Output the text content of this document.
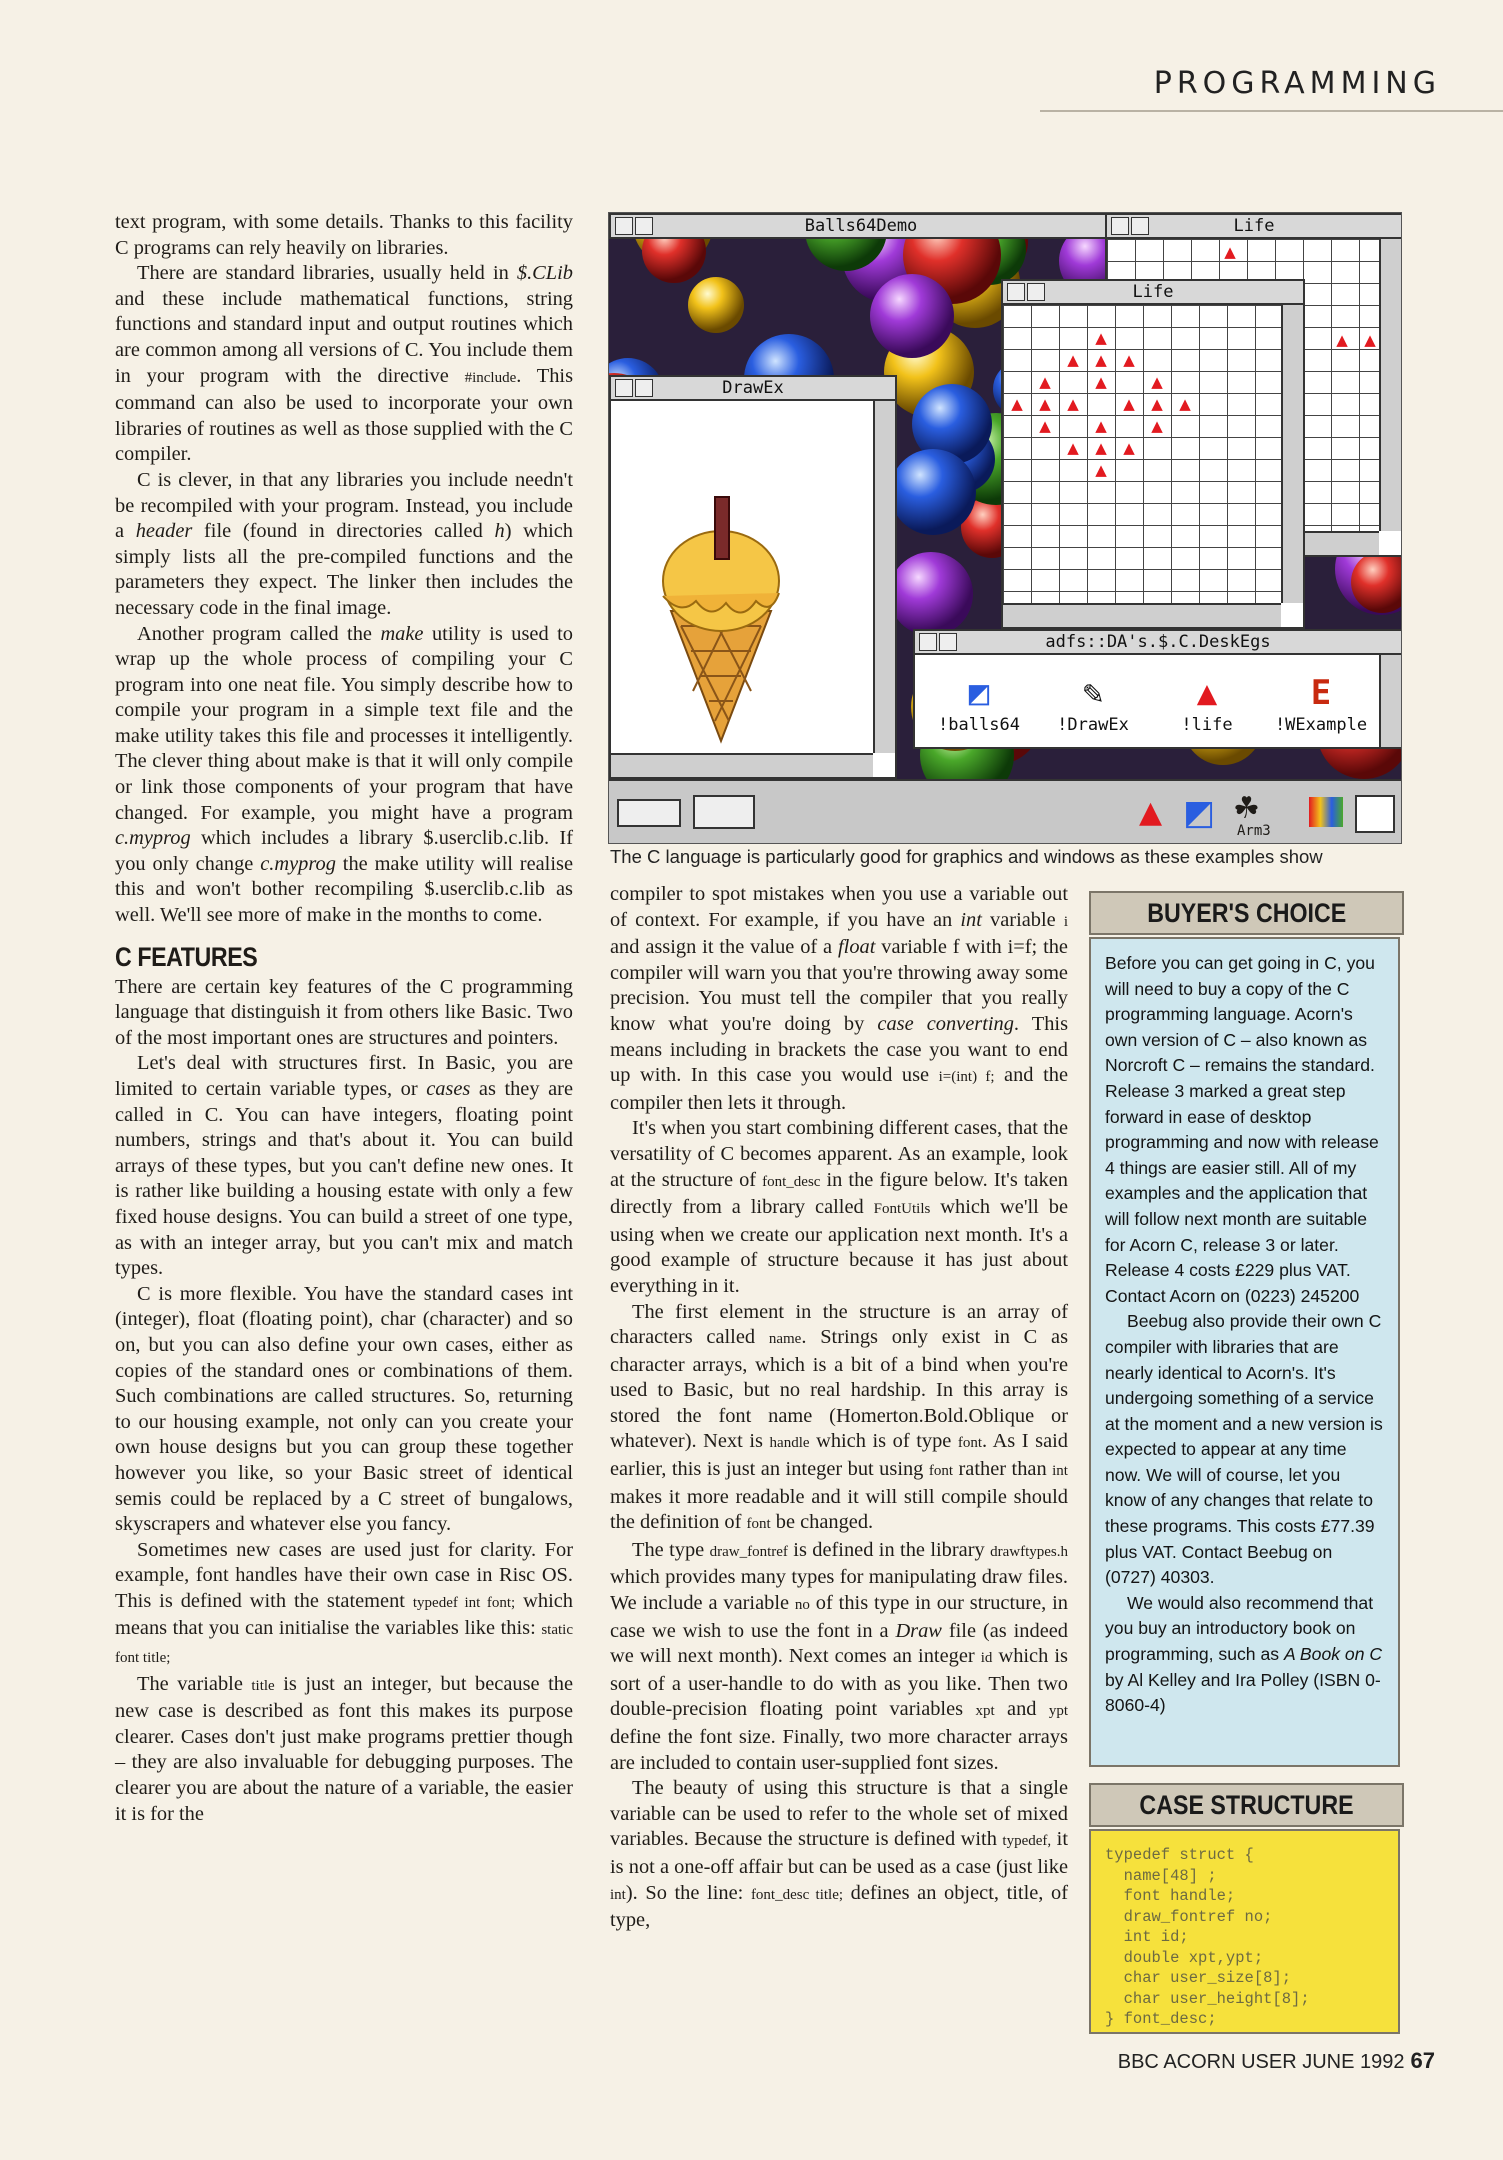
PROGRAMMING

text program, with some details. Thanks to this facility C programs can rely heavily on libraries.

There are standard libraries, usually held in $.CLib and these include mathematical functions, string functions and standard input and output routines which are common among all versions of C. You include them in your program with the directive #include. This command can also be used to incorporate your own libraries of routines as well as those supplied with the C compiler.

C is clever, in that any libraries you include needn't be recompiled with your program. Instead, you include a header file (found in directories called h) which simply lists all the pre-compiled functions and the parameters they expect. The linker then includes the necessary code in the final image.

Another program called the make utility is used to wrap up the whole process of compiling your C program into one neat file. You simply describe how to compile your program in a simple text file and the make utility takes this file and processes it intelligently. The clever thing about make is that it will only compile or link those components of your program that have changed. For example, you might have a program c.myprog which includes a library $.userclib.c.lib. If you only change c.myprog the make utility will realise this and won't bother recompiling $.userclib.c.lib as well. We'll see more of make in the months to come.

C FEATURES

There are certain key features of the C programming language that distinguish it from others like Basic. Two of the most important ones are structures and pointers.

Let's deal with structures first. In Basic, you are limited to certain variable types, or cases as they are called in C. You can have integers, floating point numbers, strings and that's about it. You can build arrays of these types, but you can't define new ones. It is rather like building a housing estate with only a few fixed house designs. You can build a street of one type, as with an integer array, but you can't mix and match types.

C is more flexible. You have the standard cases int (integer), float (floating point), char (character) and so on, but you can also define your own cases, either as copies of the standard ones or combinations of them. Such combinations are called structures. So, returning to our housing example, not only can you create your own house designs but you can group these together however you like, so your Basic street of identical semis could be replaced by a C street of bungalows, skyscrapers and whatever else you fancy.

Sometimes new cases are used just for clarity. For example, font handles have their own case in Risc OS. This is defined with the statement typedef int font; which means that you can initialise the variables like this: static font title;

The variable title is just an integer, but because the new case is described as font this makes its purpose clearer. Cases don't just make programs prettier though – they are also invaluable for debugging purposes. The clearer you are about the nature of a variable, the easier it is for the

Balls64Demo	Life
▲
▲	▲
Life
▲
▲	▲	▲
▲	▲	▲
▲	▲	▲	▲	▲	▲
▲	▲	▲
▲	▲	▲
▲
DrawEx
adfs::DA's.$.C.DeskEgs
◩
!balls64
✎
!DrawEx
▲
!life
E
!WExample
▲ ◩ ☘
Arm3
The C language is particularly good for graphics and windows as these examples show

compiler to spot mistakes when you use a variable out of context. For example, if you have an int variable i and assign it the value of a float variable f with i=f; the compiler will warn you that you're throwing away some precision. You must tell the compiler that you really know what you're doing by case converting. This means including in brackets the case you want to end up with. In this case you would use i=(int) f; and the compiler then lets it through.

It's when you start combining different cases, that the versatility of C becomes apparent. As an example, look at the structure of font_desc in the figure below. It's taken directly from a library called FontUtils which we'll be using when we create our application next month. It's a good example of structure because it has just about everything in it.

The first element in the structure is an array of characters called name. Strings only exist in C as character arrays, which is a bit of a bind when you're used to Basic, but no real hardship. In this array is stored the font name (Homerton.Bold.Oblique or whatever). Next is handle which is of type font. As I said earlier, this is just an integer but using font rather than int makes it more readable and it will still compile should the definition of font be changed.

The type draw_fontref is defined in the library drawftypes.h which provides many types for manipulating draw files. We include a variable no of this type in our structure, in case we wish to use the font in a Draw file (as indeed we will next month). Next comes an integer id which is sort of a user-handle to do with as you like. Then two double-precision floating point variables xpt and ypt define the font size. Finally, two more character arrays are included to contain user-supplied font sizes.

The beauty of using this structure is that a single variable can be used to refer to the whole set of mixed variables. Because the structure is defined with typedef, it is not a one-off affair but can be used as a case (just like int). So the line: font_desc title; defines an object, title, of type,

BUYER'S CHOICE

Before you can get going in C, you will need to buy a copy of the C programming language. Acorn's own version of C – also known as Norcroft C – remains the standard. Release 3 marked a great step forward in ease of desktop programming and now with release 4 things are easier still. All of my examples and the application that will follow next month are suitable for Acorn C, release 3 or later. Release 4 costs £229 plus VAT. Contact Acorn on (0223) 245200

Beebug also provide their own C compiler with libraries that are nearly identical to Acorn's. It's undergoing something of a service at the moment and a new version is expected to appear at any time now. We will of course, let you know of any changes that relate to these programs. This costs £77.39 plus VAT. Contact Beebug on (0727) 40303.

We would also recommend that you buy an introductory book on programming, such as A Book on C by Al Kelley and Ira Polley (ISBN 0-8060-4)

CASE STRUCTURE
typedef struct {
name[48] ;
font handle;
draw_fontref no;
int id;
double xpt,ypt;
char user_size[8];
char user_height[8];
} font_desc;
BBC ACORN USER JUNE 1992 67
